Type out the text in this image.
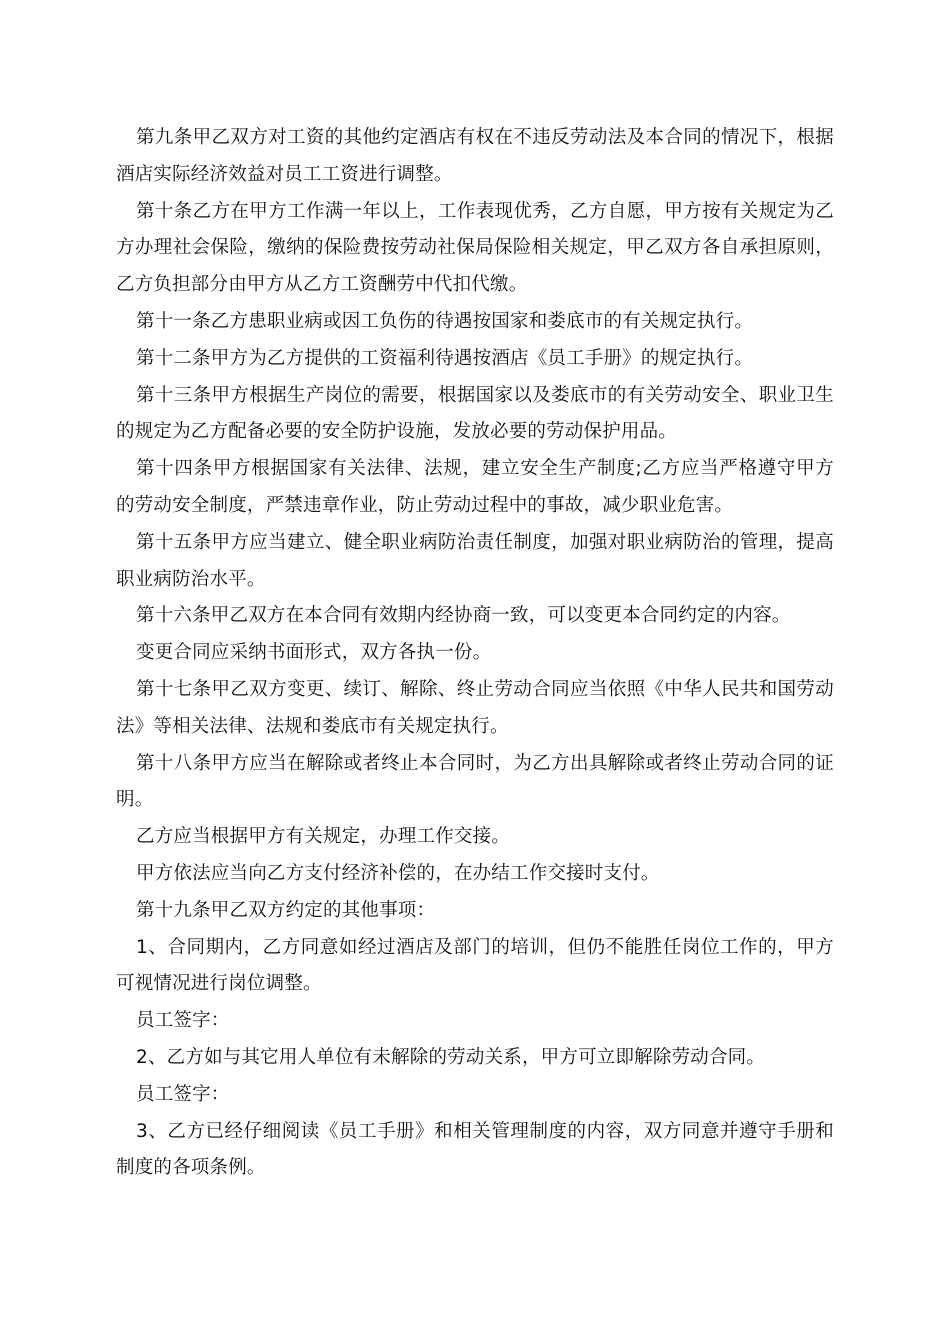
第九条甲乙双方对工资的其他约定酒店有权在不违反劳动法及本合同的情况下，根据酒店实际经济效益对员工工资进行调整。

第十条乙方在甲方工作满一年以上，工作表现优秀，乙方自愿，甲方按有关规定为乙方办理社会保险，缴纳的保险费按劳动社保局保险相关规定，甲乙双方各自承担原则，乙方负担部分由甲方从乙方工资酬劳中代扣代缴。

第十一条乙方患职业病或因工负伤的待遇按国家和娄底市的有关规定执行。

第十二条甲方为乙方提供的工资福利待遇按酒店《员工手册》的规定执行。

第十三条甲方根据生产岗位的需要，根据国家以及娄底市的有关劳动安全、职业卫生的规定为乙方配备必要的安全防护设施，发放必要的劳动保护用品。

第十四条甲方根据国家有关法律、法规，建立安全生产制度;乙方应当严格遵守甲方的劳动安全制度，严禁违章作业，防止劳动过程中的事故，减少职业危害。

第十五条甲方应当建立、健全职业病防治责任制度，加强对职业病防治的管理，提高职业病防治水平。

第十六条甲乙双方在本合同有效期内经协商一致，可以变更本合同约定的内容。

变更合同应采纳书面形式，双方各执一份。

第十七条甲乙双方变更、续订、解除、终止劳动合同应当依照《中华人民共和国劳动法》等相关法律、法规和娄底市有关规定执行。

第十八条甲方应当在解除或者终止本合同时，为乙方出具解除或者终止劳动合同的证明。

乙方应当根据甲方有关规定，办理工作交接。

甲方依法应当向乙方支付经济补偿的，在办结工作交接时支付。

第十九条甲乙双方约定的其他事项：

1、合同期内，乙方同意如经过酒店及部门的培训，但仍不能胜任岗位工作的，甲方可视情况进行岗位调整。

员工签字：

2、乙方如与其它用人单位有未解除的劳动关系，甲方可立即解除劳动合同。

员工签字：

3、乙方已经仔细阅读《员工手册》和相关管理制度的内容，双方同意并遵守手册和制度的各项条例。
